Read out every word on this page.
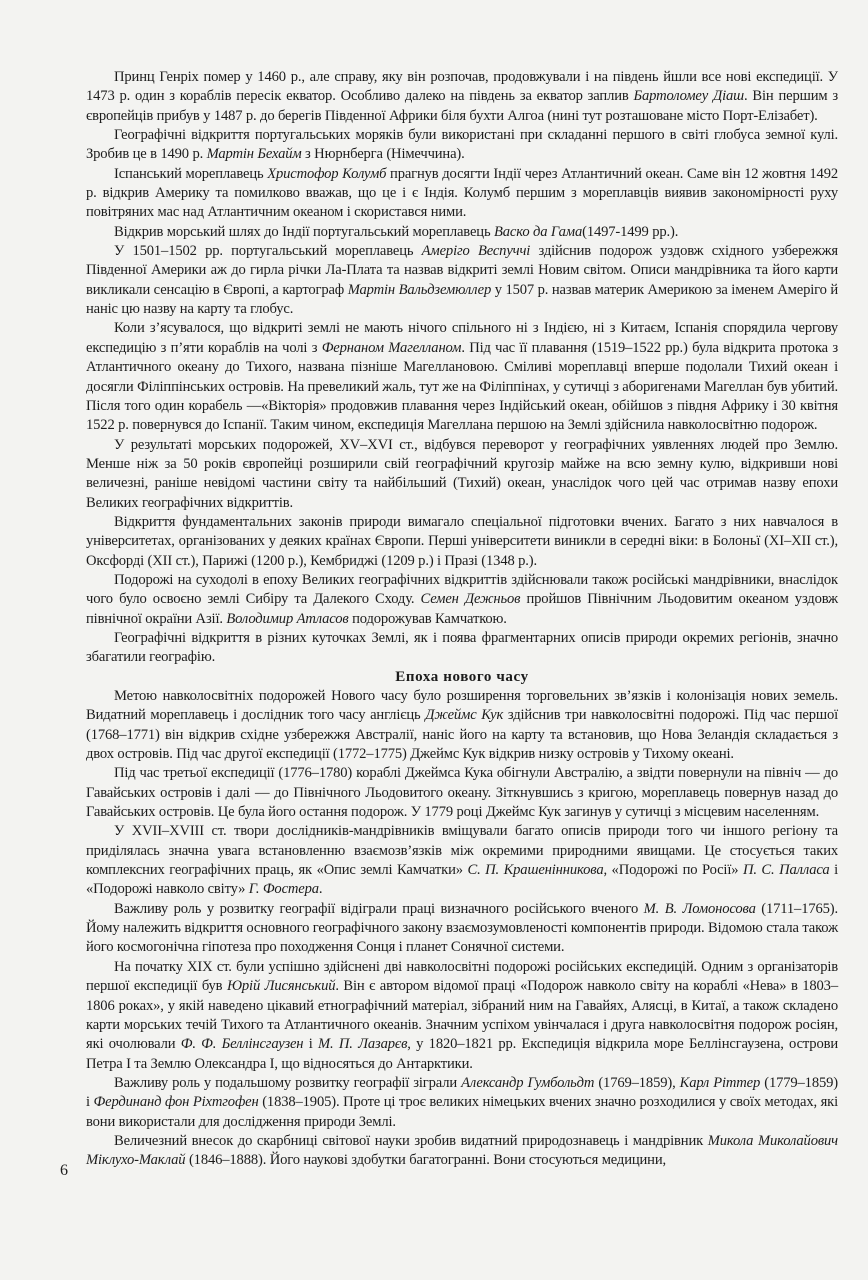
Принц Генріх помер у 1460 р., але справу, яку він розпочав, продовжували і на південь йшли все нові експедиції. У 1473 р. один з кораблів пересік екватор. Особливо далеко на південь за екватор заплив Бартоломеу Діаш. Він першим з європейців прибув у 1487 р. до берегів Південної Африки біля бухти Алгоа (нині тут розташоване місто Порт-Елізабет).

Географічні відкриття португальських моряків були використані при складанні першого в світі глобуса земної кулі. Зробив це в 1490 р. Мартін Бехайм з Нюрнберга (Німеччина).

Іспанський мореплавець Христофор Колумб прагнув досягти Індії через Атлантичний океан. Саме він 12 жовтня 1492 р. відкрив Америку та помилково вважав, що це і є Індія. Колумб першим з мореплавців виявив закономірності руху повітряних мас над Атлантичним океаном і скористався ними.

Відкрив морський шлях до Індії португальський мореплавець Васко да Гама(1497-1499 рр.).

У 1501–1502 рр. португальський мореплавець Амеріго Веспуччі здійснив подорож уздовж східного узбережжя Південної Америки аж до гирла річки Ла-Плата та назвав відкриті землі Новим світом. Описи мандрівника та його карти викликали сенсацію в Європі, а картограф Мартін Вальдземюллер у 1507 р. назвав материк Америкою за іменем Амеріго й наніс цю назву на карту та глобус.

Коли з’ясувалося, що відкриті землі не мають нічого спільного ні з Індією, ні з Китаєм, Іспанія спорядила чергову експедицію з п’яти кораблів на чолі з Фернаном Магелланом. Під час її плавання (1519–1522 рр.) була відкрита протока з Атлантичного океану до Тихого, названа пізніше Магеллановою. Сміливі мореплавці вперше подолали Тихий океан і досягли Філіппінських островів. На превеликий жаль, тут же на Філіппінах, у сутичці з аборигенами Магеллан був убитий. Після того один корабель —«Вікторія» продовжив плавання через Індійський океан, обійшов з півдня Африку і 30 квітня 1522 р. повернувся до Іспанії. Таким чином, експедиція Магеллана першою на Землі здійснила навколосвітню подорож.

У результаті морських подорожей, XV–XVI ст., відбувся переворот у географічних уявленнях людей про Землю. Менше ніж за 50 років європейці розширили свій географічний кругозір майже на всю земну кулю, відкривши нові величезні, раніше невідомі частини світу та найбільший (Тихий) океан, унаслідок чого цей час отримав назву епохи Великих географічних відкриттів.

Відкриття фундаментальних законів природи вимагало спеціальної підготовки вчених. Багато з них навчалося в університетах, організованих у деяких країнах Європи. Перші університети виникли в середні віки: в Болоньї (XI–XII ст.), Оксфорді (XII ст.), Парижі (1200 р.), Кембриджі (1209 р.) і Празі (1348 р.).

Подорожі на суходолі в епоху Великих географічних відкриттів здійснювали також російські мандрівники, внаслідок чого було освоєно землі Сибіру та Далекого Сходу. Семен Дежньов пройшов Північним Льодовитим океаном уздовж північної окраїни Азії. Володимир Атласов подорожував Камчаткою.

Географічні відкриття в різних куточках Землі, як і поява фрагментарних описів природи окремих регіонів, значно збагатили географію.

Епоха нового часу

Метою навколосвітніх подорожей Нового часу було розширення торговельних зв’язків і колонізація нових земель. Видатний мореплавець і дослідник того часу англієць Джеймс Кук здійснив три навколосвітні подорожі. Під час першої (1768–1771) він відкрив східне узбережжя Австралії, наніс його на карту та встановив, що Нова Зеландія складається з двох островів. Під час другої експедиції (1772–1775) Джеймс Кук відкрив низку островів у Тихому океані.

Під час третьої експедиції (1776–1780) кораблі Джеймса Кука обігнули Австралію, а звідти повернули на північ — до Гавайських островів і далі — до Північного Льодовитого океану. Зіткнувшись з кригою, мореплавець повернув назад до Гавайських островів. Це була його остання подорож. У 1779 році Джеймс Кук загинув у сутичці з місцевим населенням.

У XVII–XVIII ст. твори дослідників-мандрівників вміщували багато описів природи того чи іншого регіону та приділялась значна увага встановленню взаємозв’язків між окремими природними явищами. Це стосується таких комплексних географічних праць, як «Опис землі Камчатки» С. П. Крашенінникова, «Подорожі по Росії» П. С. Палласа і «Подорожі навколо світу» Г. Фостера.

Важливу роль у розвитку географії відіграли праці визначного російського вченого М. В. Ломоносова (1711–1765). Йому належить відкриття основного географічного закону взаємозумовленості компонентів природи. Відомою стала також його космогонічна гіпотеза про походження Сонця і планет Сонячної системи.

На початку XIX ст. були успішно здійснені дві навколосвітні подорожі російських експедицій. Одним з організаторів першої експедиції був Юрій Лисянський. Він є автором відомої праці «Подорож навколо світу на кораблі «Нева» в 1803–1806 роках», у якій наведено цікавий етнографічний матеріал, зібраний ним на Гавайях, Алясці, в Китаї, а також складено карти морських течій Тихого та Атлантичного океанів. Значним успіхом увінчалася і друга навколосвітня подорож росіян, які очолювали Ф. Ф. Беллінсгаузен і М. П. Лазарєв, у 1820–1821 рр. Експедиція відкрила море Беллінсгаузена, острови Петра I та Землю Олександра I, що відносяться до Антарктики.

Важливу роль у подальшому розвитку географії зіграли Александр Гумбольдт (1769–1859), Карл Ріттер (1779–1859) і Фердинанд фон Ріхтгофен (1838–1905). Проте ці троє великих німецьких вчених значно розходилися у своїх методах, які вони використали для дослідження природи Землі.

Величезний внесок до скарбниці світової науки зробив видатний природознавець і мандрівник Микола Миколайович Міклухо-Маклай (1846–1888). Його наукові здобутки багатогранні. Вони стосуються медицини,

6
